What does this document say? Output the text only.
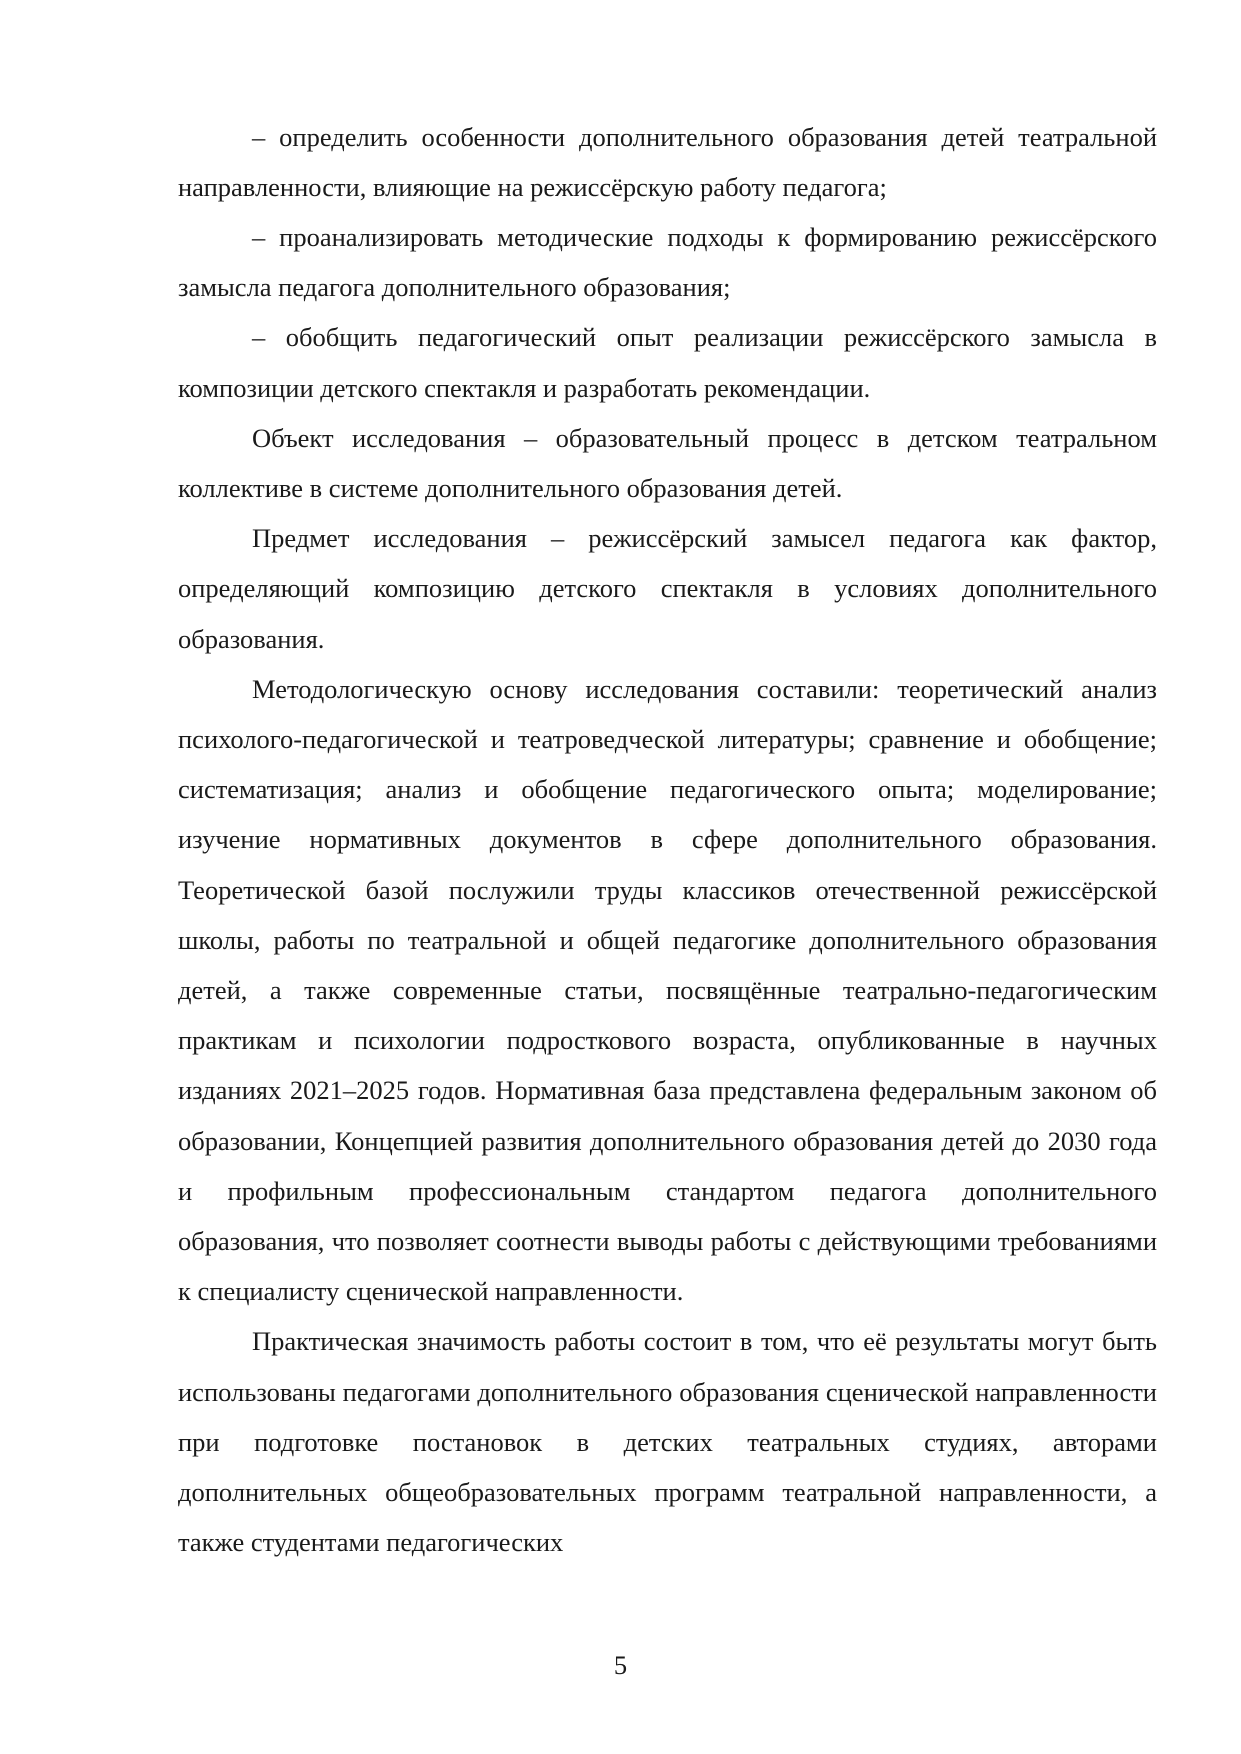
– определить особенности дополнительного образования детей театральной направленности, влияющие на режиссёрскую работу педагога;

– проанализировать методические подходы к формированию режиссёрского замысла педагога дополнительного образования;

– обобщить педагогический опыт реализации режиссёрского замысла в композиции детского спектакля и разработать рекомендации.

Объект исследования – образовательный процесс в детском театральном коллективе в системе дополнительного образования детей.

Предмет исследования – режиссёрский замысел педагога как фактор, определяющий композицию детского спектакля в условиях дополнительного образования.

Методологическую основу исследования составили: теоретический анализ психолого-педагогической и театроведческой литературы; сравнение и обобщение; систематизация; анализ и обобщение педагогического опыта; моделирование; изучение нормативных документов в сфере дополнительного образования. Теоретической базой послужили труды классиков отечественной режиссёрской школы, работы по театральной и общей педагогике дополнительного образования детей, а также современные статьи, посвящённые театрально-педагогическим практикам и психологии подросткового возраста, опубликованные в научных изданиях 2021–2025 годов. Нормативная база представлена федеральным законом об образовании, Концепцией развития дополнительного образования детей до 2030 года и профильным профессиональным стандартом педагога дополнительного образования, что позволяет соотнести выводы работы с действующими требованиями к специалисту сценической направленности.

Практическая значимость работы состоит в том, что её результаты могут быть использованы педагогами дополнительного образования сценической направленности при подготовке постановок в детских театральных студиях, авторами дополнительных общеобразовательных программ театральной направленности, а также студентами педагогических

5
